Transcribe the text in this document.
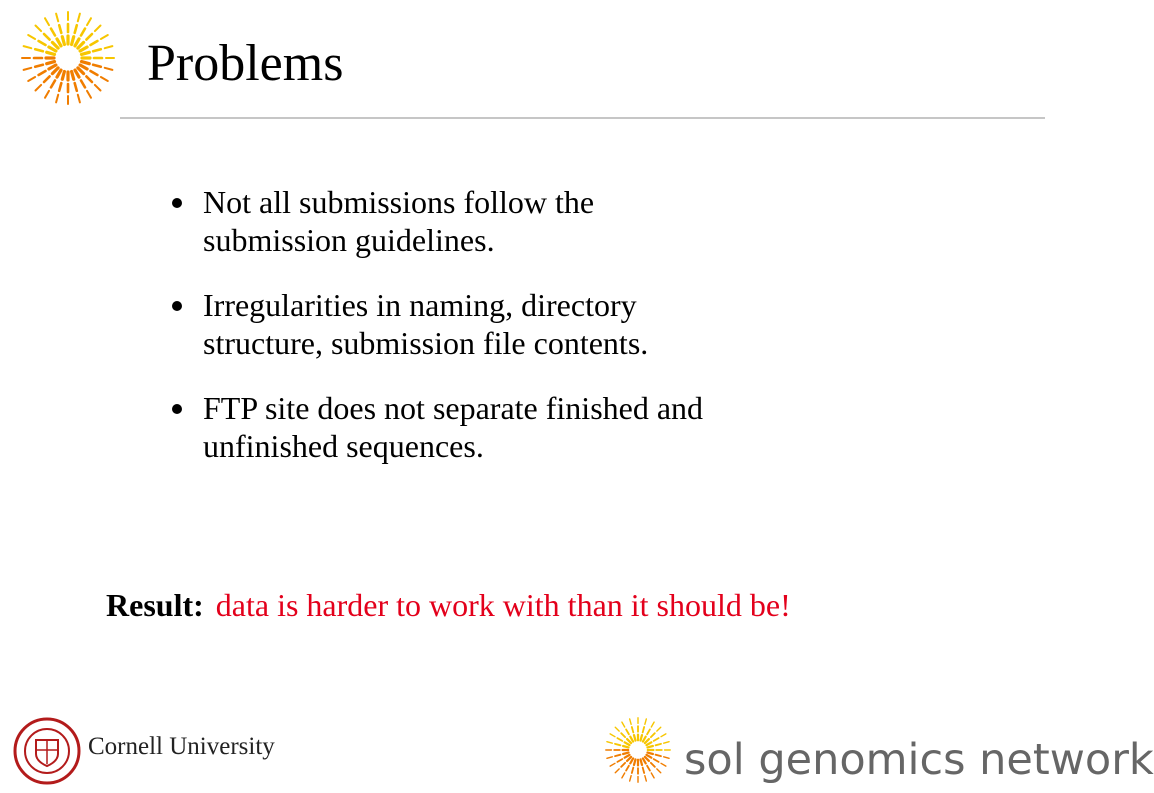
Problems
Not all submissions follow the
submission guidelines.
Irregularities in naming, directory
structure, submission file contents.
FTP site does not separate finished and
unfinished sequences.
Result: data is harder to work with than it should be!
Cornell University	sol genomics network
